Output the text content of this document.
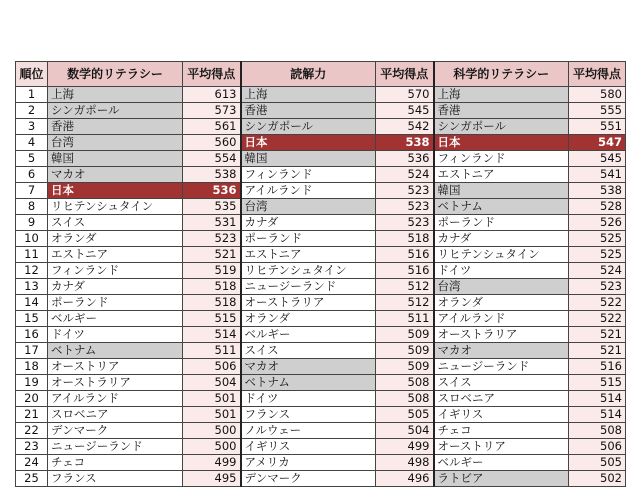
順位	数学的リテラシー	平均得点	読解力	平均得点	科学的リテラシー	平均得点
1	上海	613	上海	570	上海	580
2	シンガポール	573	香港	545	香港	555
3	香港	561	シンガポール	542	シンガポール	551
4	台湾	560	日本	538	日本	547
5	韓国	554	韓国	536	フィンランド	545
6	マカオ	538	フィンランド	524	エストニア	541
7	日本	536	アイルランド	523	韓国	538
8	リヒテンシュタイン	535	台湾	523	ベトナム	528
9	スイス	531	カナダ	523	ポーランド	526
10	オランダ	523	ポーランド	518	カナダ	525
11	エストニア	521	エストニア	516	リヒテンシュタイン	525
12	フィンランド	519	リヒテンシュタイン	516	ドイツ	524
13	カナダ	518	ニュージーランド	512	台湾	523
14	ポーランド	518	オーストラリア	512	オランダ	522
15	ベルギー	515	オランダ	511	アイルランド	522
16	ドイツ	514	ベルギー	509	オーストラリア	521
17	ベトナム	511	スイス	509	マカオ	521
18	オーストリア	506	マカオ	509	ニュージーランド	516
19	オーストラリア	504	ベトナム	508	スイス	515
20	アイルランド	501	ドイツ	508	スロベニア	514
21	スロベニア	501	フランス	505	イギリス	514
22	デンマーク	500	ノルウェー	504	チェコ	508
23	ニュージーランド	500	イギリス	499	オーストリア	506
24	チェコ	499	アメリカ	498	ベルギー	505
25	フランス	495	デンマーク	496	ラトビア	502
